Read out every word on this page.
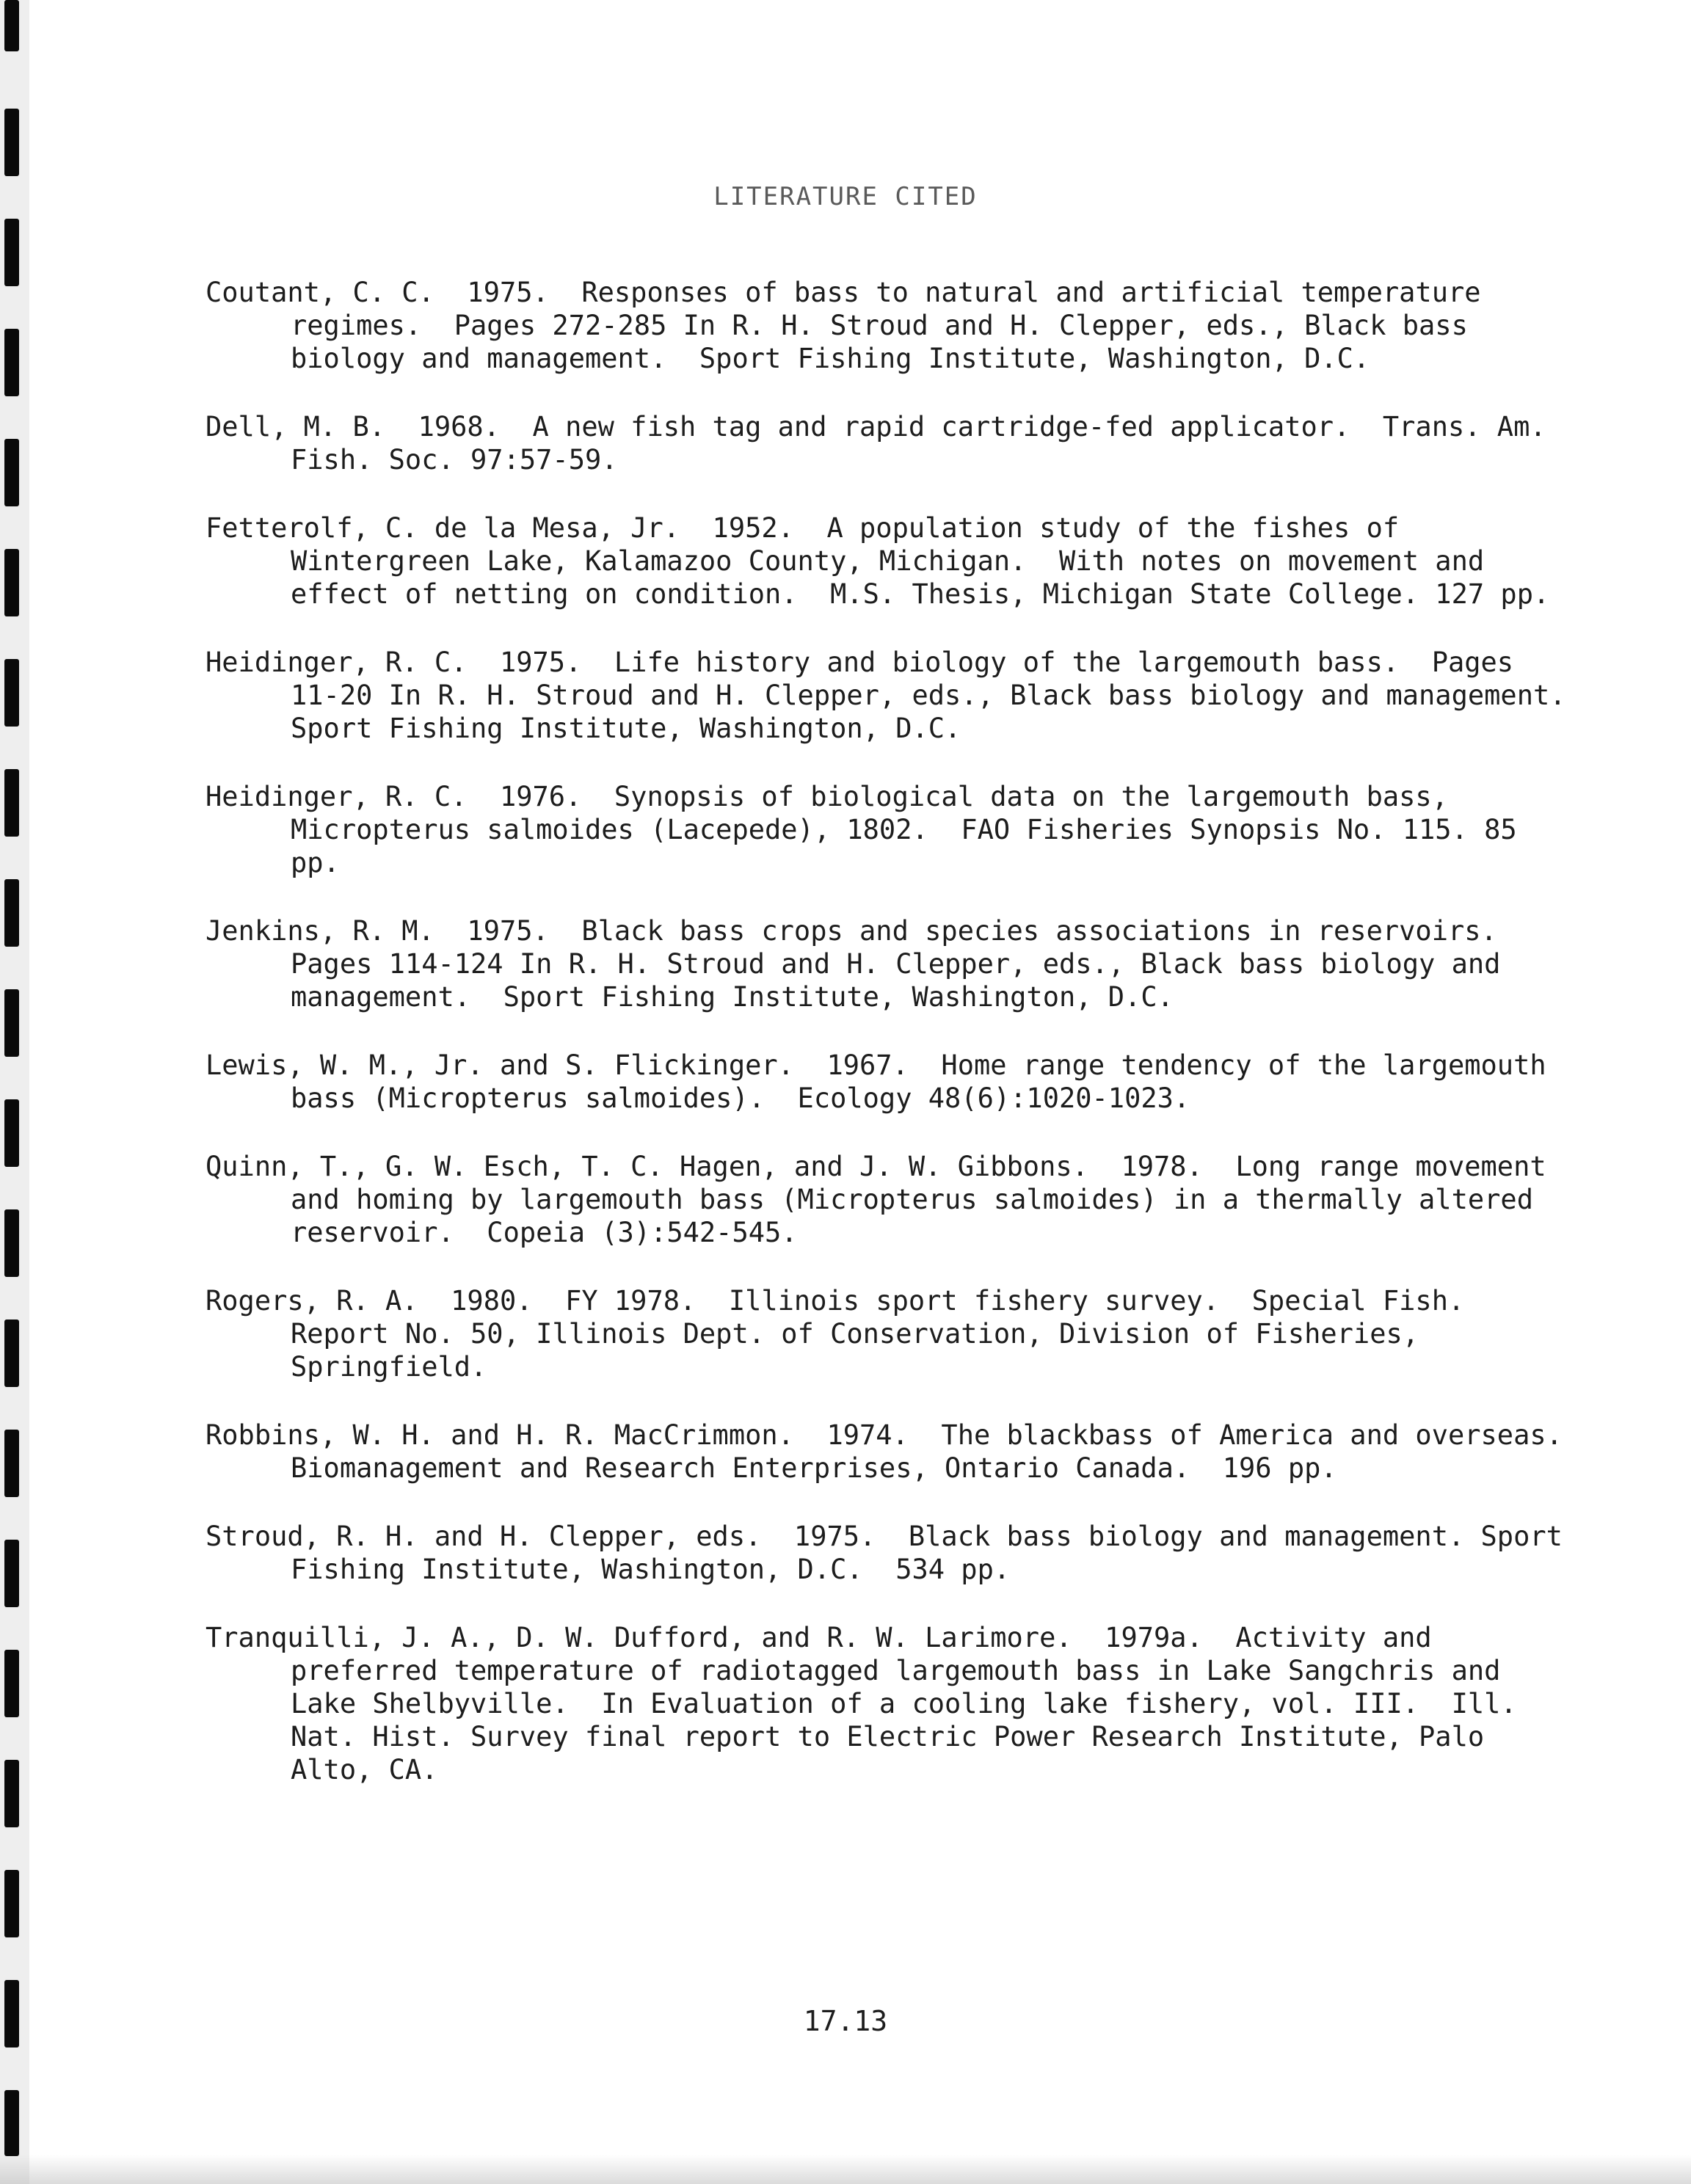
LITERATURE CITED
Coutant, C. C.  1975.  Responses of bass to natural and artificial temperature regimes.  Pages 272-285 In R. H. Stroud and H. Clepper, eds., Black bass biology and management.  Sport Fishing Institute, Washington, D.C.
Dell, M. B.  1968.  A new fish tag and rapid cartridge-fed applicator.  Trans. Am. Fish. Soc. 97:57-59.
Fetterolf, C. de la Mesa, Jr.  1952.  A population study of the fishes of Wintergreen Lake, Kalamazoo County, Michigan.  With notes on movement and effect of netting on condition.  M.S. Thesis, Michigan State College. 127 pp.
Heidinger, R. C.  1975.  Life history and biology of the largemouth bass.  Pages 11-20 In R. H. Stroud and H. Clepper, eds., Black bass biology and management.  Sport Fishing Institute, Washington, D.C.
Heidinger, R. C.  1976.  Synopsis of biological data on the largemouth bass, Micropterus salmoides (Lacepede), 1802.  FAO Fisheries Synopsis No. 115. 85 pp.
Jenkins, R. M.  1975.  Black bass crops and species associations in reservoirs. Pages 114-124 In R. H. Stroud and H. Clepper, eds., Black bass biology and management.  Sport Fishing Institute, Washington, D.C.
Lewis, W. M., Jr. and S. Flickinger.  1967.  Home range tendency of the largemouth bass (Micropterus salmoides).  Ecology 48(6):1020-1023.
Quinn, T., G. W. Esch, T. C. Hagen, and J. W. Gibbons.  1978.  Long range movement and homing by largemouth bass (Micropterus salmoides) in a thermally altered reservoir.  Copeia (3):542-545.
Rogers, R. A.  1980.  FY 1978.  Illinois sport fishery survey.  Special Fish. Report No. 50, Illinois Dept. of Conservation, Division of Fisheries, Springfield.
Robbins, W. H. and H. R. MacCrimmon.  1974.  The blackbass of America and overseas.  Biomanagement and Research Enterprises, Ontario Canada.  196 pp.
Stroud, R. H. and H. Clepper, eds.  1975.  Black bass biology and management. Sport Fishing Institute, Washington, D.C.  534 pp.
Tranquilli, J. A., D. W. Dufford, and R. W. Larimore.  1979a.  Activity and preferred temperature of radiotagged largemouth bass in Lake Sangchris and Lake Shelbyville.  In Evaluation of a cooling lake fishery, vol. III.  Ill. Nat. Hist. Survey final report to Electric Power Research Institute, Palo Alto, CA.
17.13
